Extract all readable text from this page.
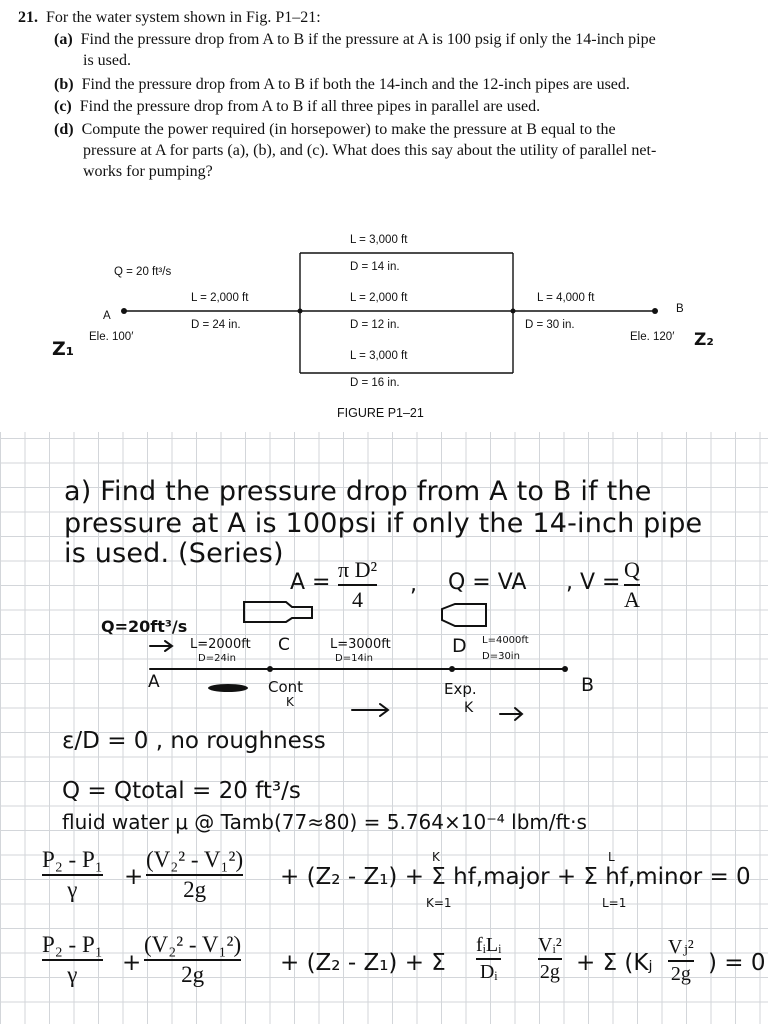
21. For the water system shown in Fig. P1–21:
(a) Find the pressure drop from A to B if the pressure at A is 100 psig if only the 14-inch pipe
is used.
(b) Find the pressure drop from A to B if both the 14-inch and the 12-inch pipes are used.
(c) Find the pressure drop from A to B if all three pipes in parallel are used.
(d) Compute the power required (in horsepower) to make the pressure at B equal to the
pressure at A for parts (a), (b), and (c). What does this say about the utility of parallel net-
works for pumping?
Q = 20 ft³/s
A
Ele. 100′
B
Ele. 120′
L = 2,000 ft
D = 24 in.
L = 3,000 ft
D = 14 in.
L = 2,000 ft
D = 12 in.
L = 3,000 ft
D = 16 in.
L = 4,000 ft
D = 30 in.
FIGURE P1–21
Z₁	Z₂
a) Find the pressure drop from A to B if the
pressure at A is 100psi if only the 14-inch pipe
is used. (Series)
A =
π D²
4
, Q = VA , V =
Q
A
Q=20ft³/s
L=2000ft
D=24in
C	L=3000ft
D=14in
D L=4000ft
D=30in
A	B
Cont
K
Exp.
K
ε/D = 0 , no roughness
Q = Qtotal = 20 ft³/s
fluid water μ @ Tamb(77≈80) = 5.764×10⁻⁴ lbm/ft·s
P₂ - P₁
γ	+
(V₂² - V₁²)
2g	+ (Z₂ - Z₁) + Σ hf,major + Σ hf,minor = 0
K
K=1
L
L=1
P₂ - P₁
γ	+
(V₂² - V₁²)
2g	+ (Z₂ - Z₁) + Σ
fᵢLᵢ
Dᵢ
Vᵢ²
2g + Σ (Kⱼ
Vⱼ²
2g ) = 0
